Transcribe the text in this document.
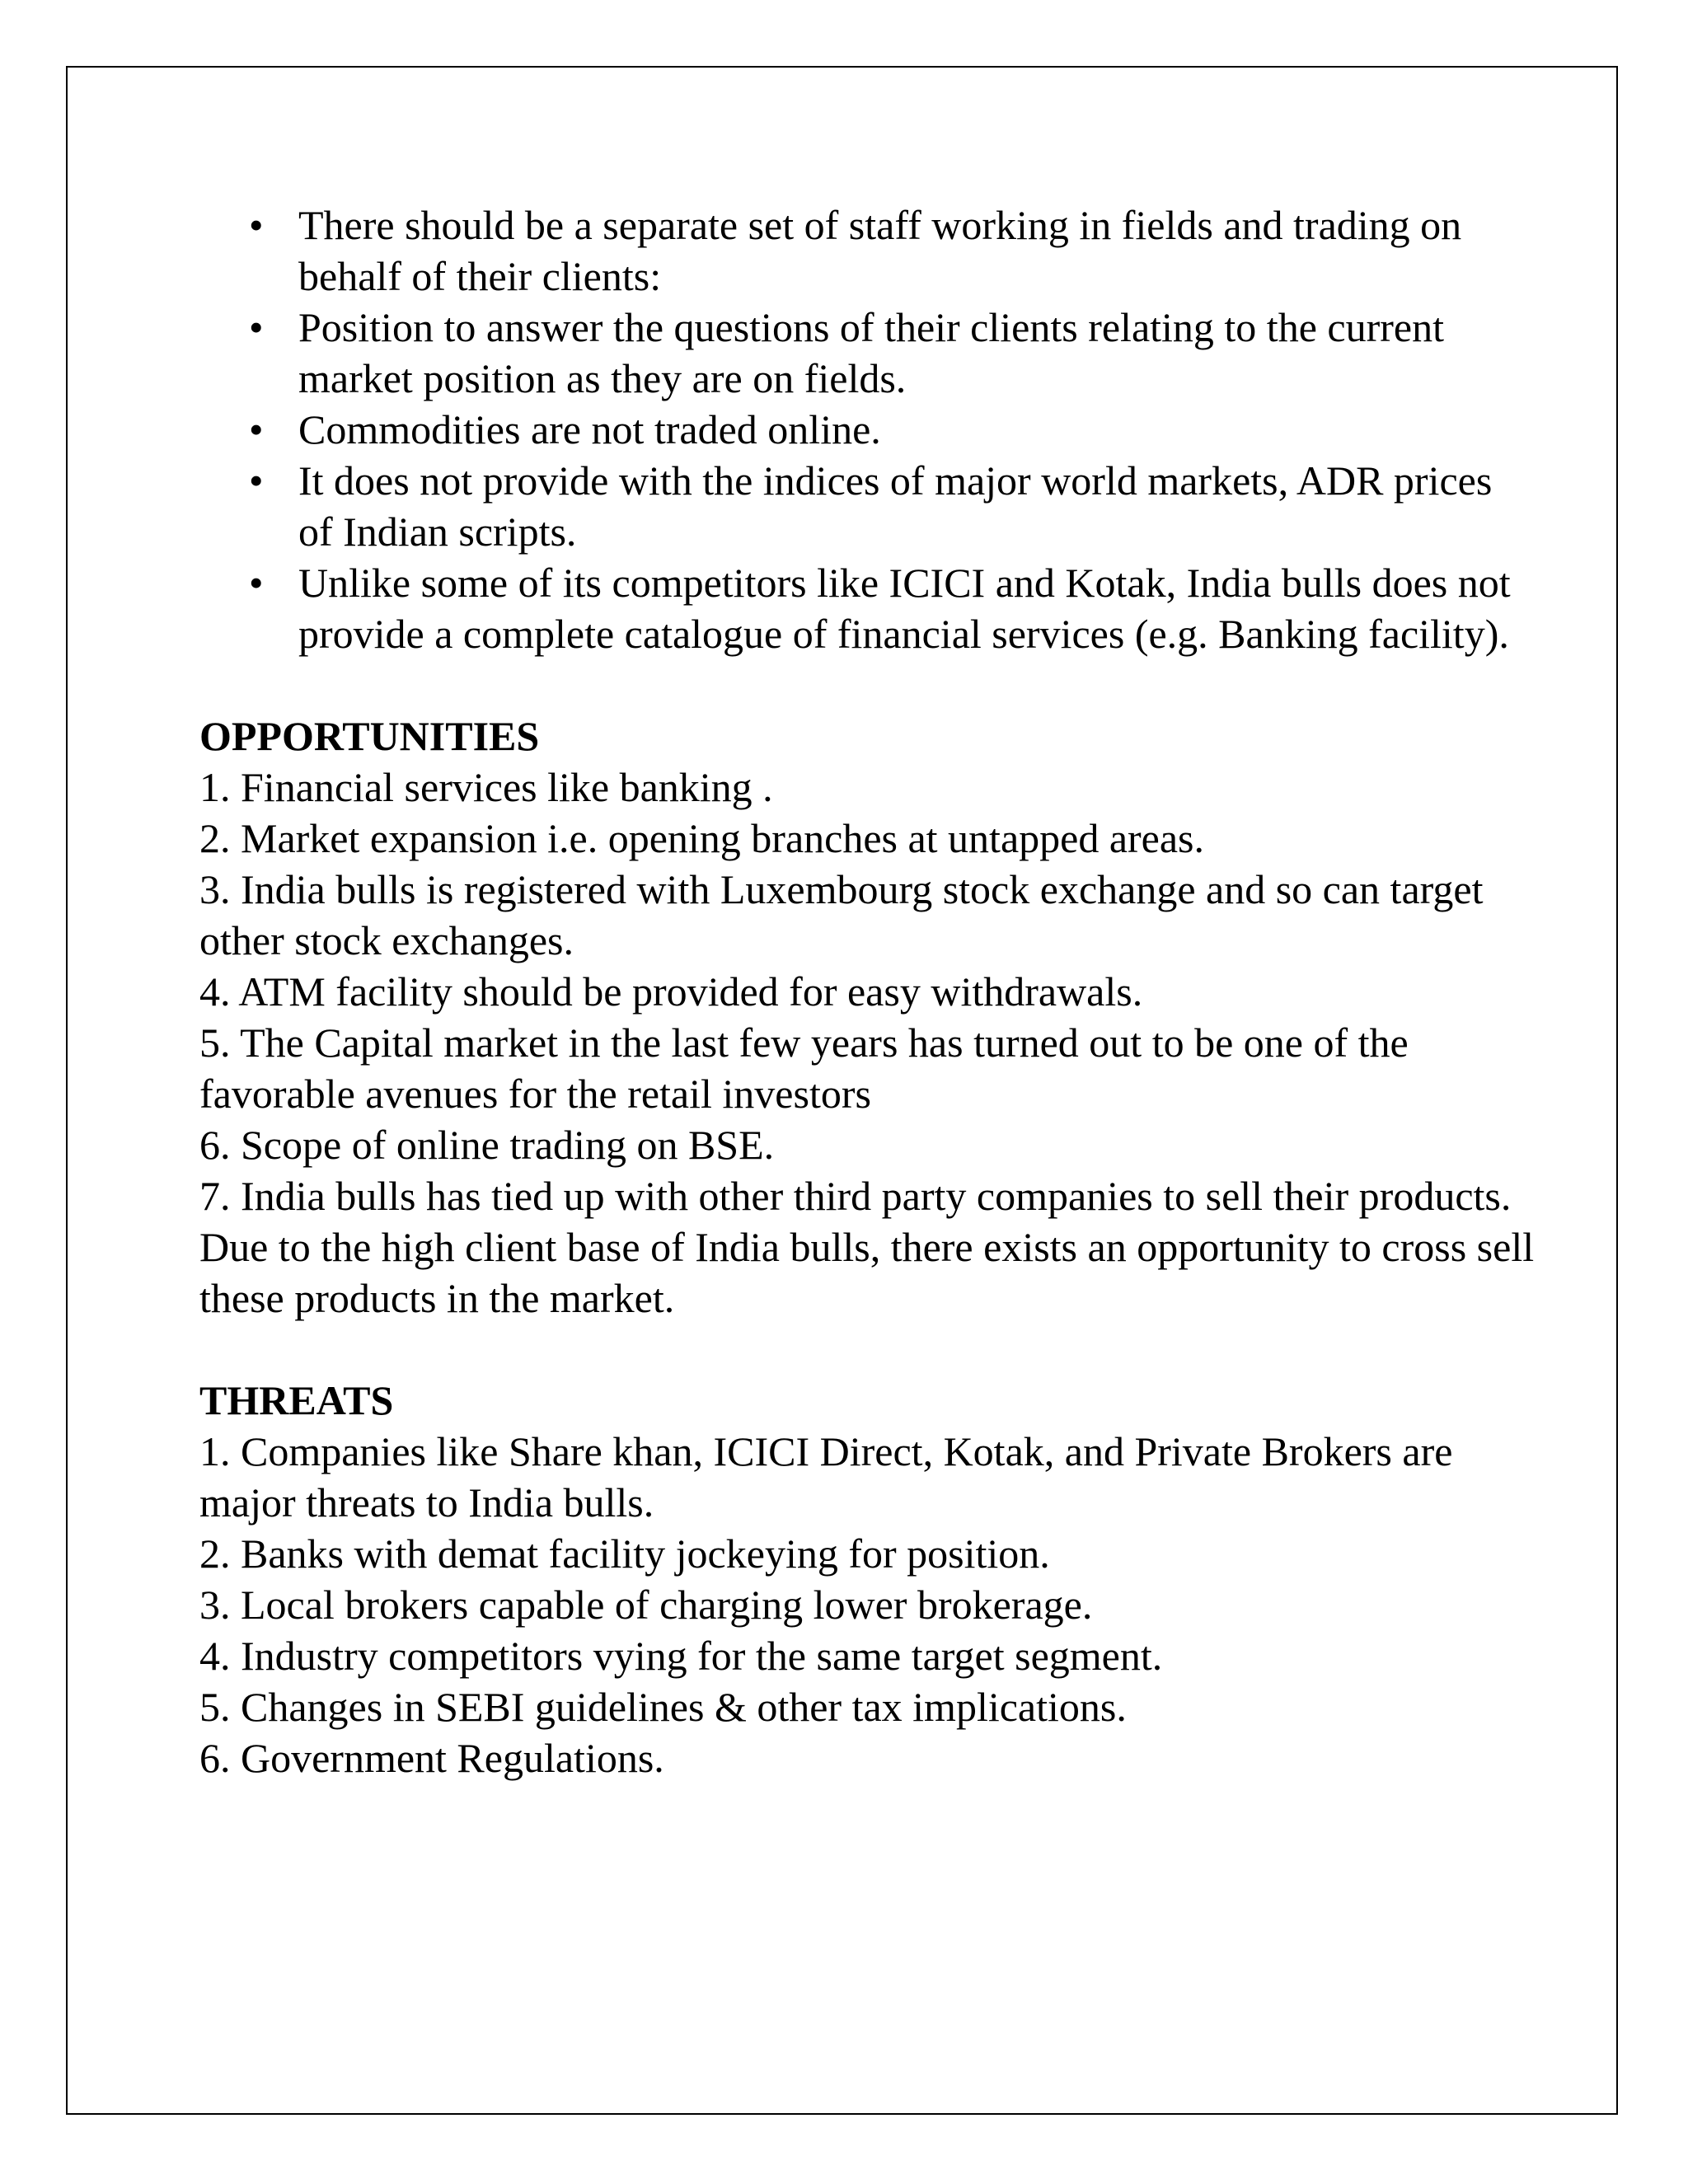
• There should be a separate set of staff working in fields and trading on behalf of their clients:
• Position to answer the questions of their clients relating to the current market position as they are on fields.
• Commodities are not traded online.
• It does not provide with the indices of major world markets, ADR prices of Indian scripts.
• Unlike some of its competitors like ICICI and Kotak, India bulls does not provide a complete catalogue of financial services (e.g. Banking facility).
OPPORTUNITIES
1. Financial services like banking .
2. Market expansion i.e. opening branches at untapped areas.
3. India bulls is registered with Luxembourg stock exchange and so can target other stock exchanges.
4. ATM facility should be provided for easy withdrawals.
5. The Capital market in the last few years has turned out to be one of the favorable avenues for the retail investors
6. Scope of online trading on BSE.
7. India bulls has tied up with other third party companies to sell their products. Due to the high client base of India bulls, there exists an opportunity to cross sell these products in the market.
THREATS
1. Companies like Share khan, ICICI Direct, Kotak, and Private Brokers are major threats to India bulls.
2. Banks with demat facility jockeying for position.
3. Local brokers capable of charging lower brokerage.
4. Industry competitors vying for the same target segment.
5. Changes in SEBI guidelines & other tax implications.
6. Government Regulations.
